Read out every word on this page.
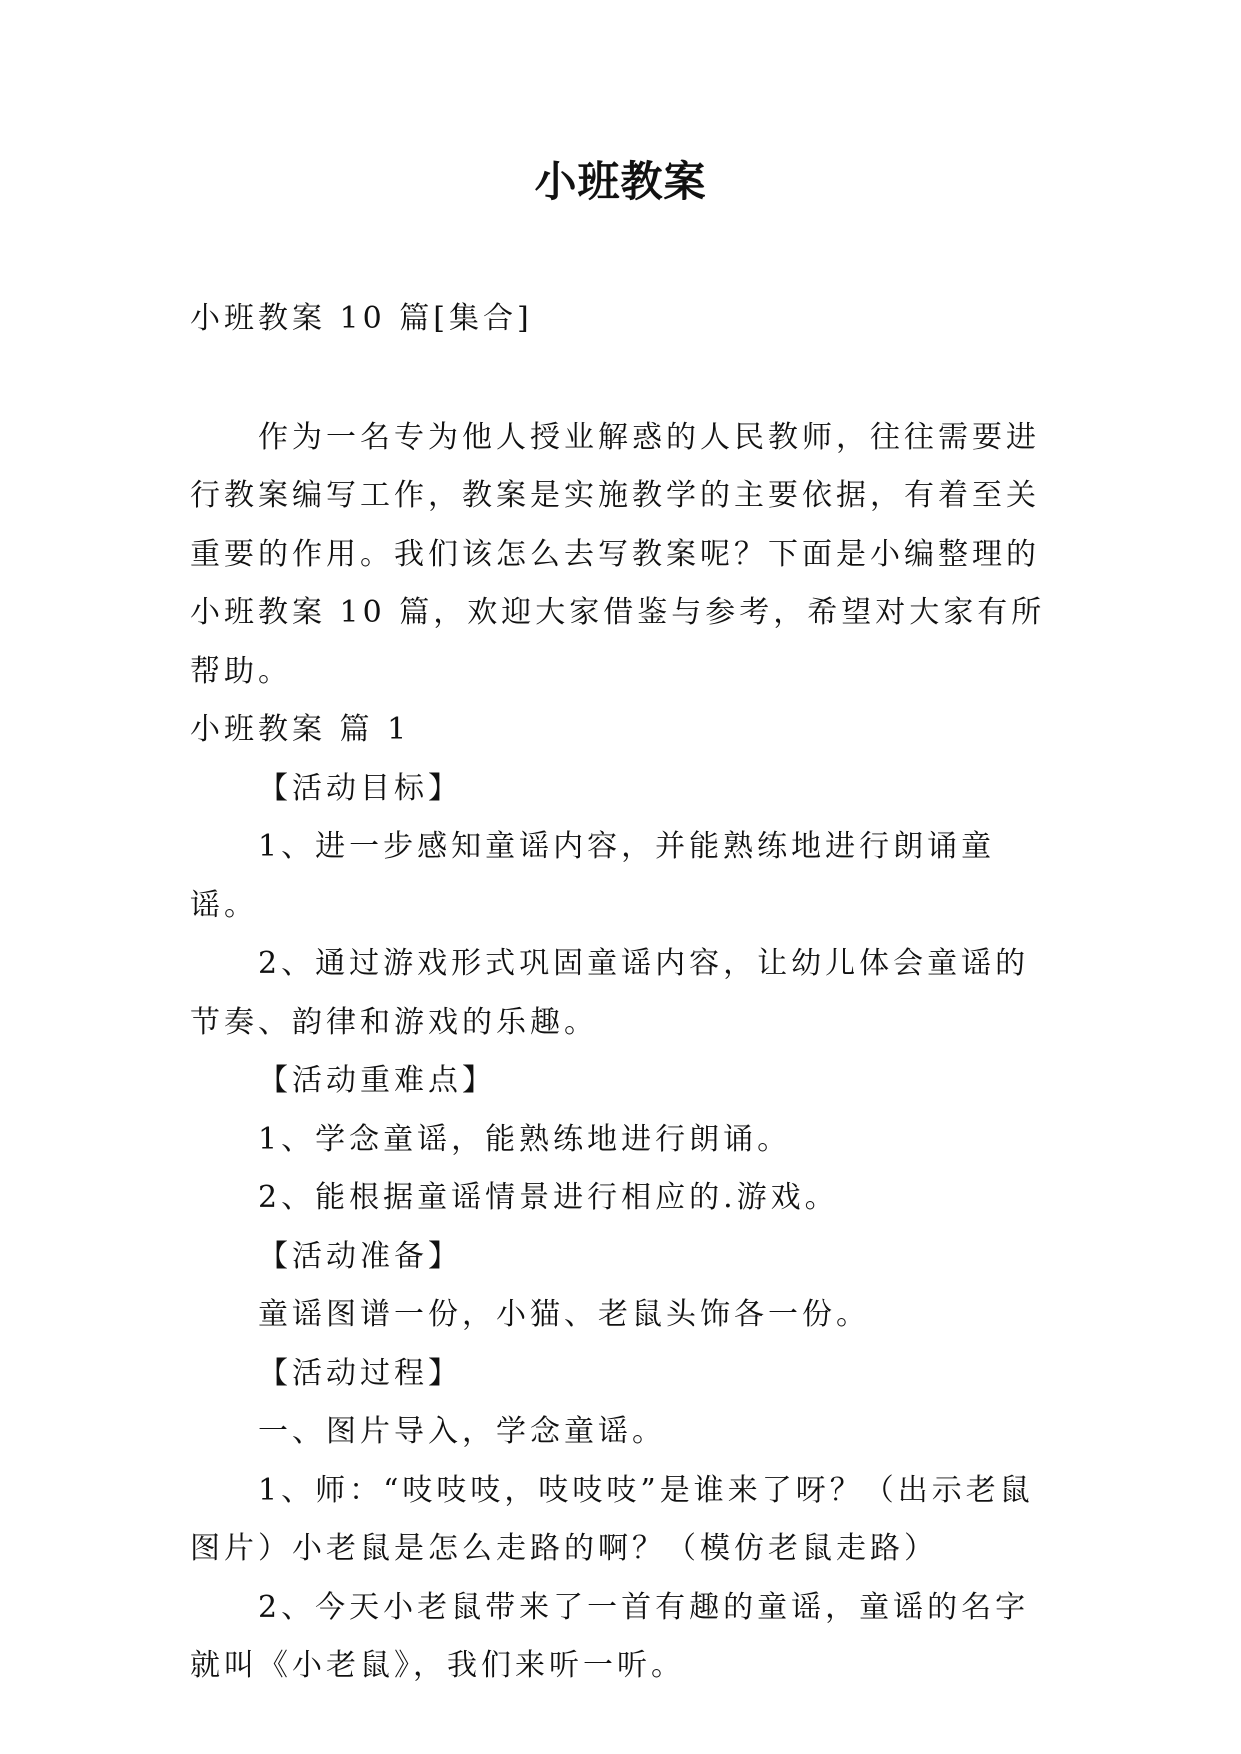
小班教案

小班教案 10 篇[集合]

作为一名专为他人授业解惑的人民教师，往往需要进行教案编写工作，教案是实施教学的主要依据，有着至关重要的作用。我们该怎么去写教案呢？下面是小编整理的小班教案 10 篇，欢迎大家借鉴与参考，希望对大家有所帮助。

小班教案 篇 1

【活动目标】

1、进一步感知童谣内容，并能熟练地进行朗诵童谣。

2、通过游戏形式巩固童谣内容，让幼儿体会童谣的节奏、韵律和游戏的乐趣。

【活动重难点】

1、学念童谣，能熟练地进行朗诵。

2、能根据童谣情景进行相应的.游戏。

【活动准备】

童谣图谱一份，小猫、老鼠头饰各一份。

【活动过程】

一、图片导入，学念童谣。

1、师：“吱吱吱，吱吱吱”是谁来了呀？（出示老鼠图片）小老鼠是怎么走路的啊？（模仿老鼠走路）

2、今天小老鼠带来了一首有趣的童谣，童谣的名字就叫《小老鼠》，我们来听一听。
